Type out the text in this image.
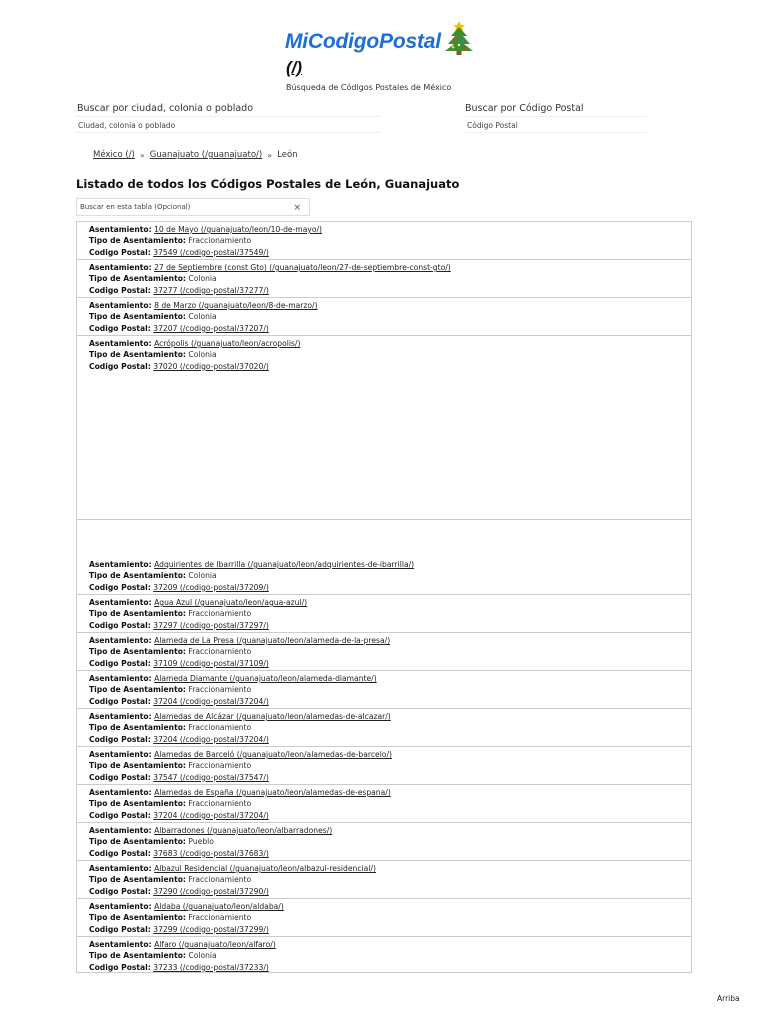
MiCodigoPostal
(/)
Búsqueda de Códigos Postales de México
Buscar por ciudad, colonia o poblado
Ciudad, colonia o poblado
Buscar por Código Postal
Código Postal
México (/) » Guanajuato (/guanajuato/) » León
Listado de todos los Códigos Postales de León, Guanajuato
Buscar en esta tabla (Opcional)	×
Asentamiento: 10 de Mayo (/guanajuato/leon/10-de-mayo/)
Tipo de Asentamiento: Fraccionamiento
Codigo Postal: 37549 (/codigo-postal/37549/)
Asentamiento: 27 de Septiembre (const Gto) (/guanajuato/leon/27-de-septiembre-const-gto/)
Tipo de Asentamiento: Colonia
Codigo Postal: 37277 (/codigo-postal/37277/)
Asentamiento: 8 de Marzo (/guanajuato/leon/8-de-marzo/)
Tipo de Asentamiento: Colonia
Codigo Postal: 37207 (/codigo-postal/37207/)
Asentamiento: Acrópolis (/guanajuato/leon/acropolis/)
Tipo de Asentamiento: Colonia
Codigo Postal: 37020 (/codigo-postal/37020/)
Asentamiento: Adquirientes de Ibarrilla (/guanajuato/leon/adquirientes-de-ibarrilla/)
Tipo de Asentamiento: Colonia
Codigo Postal: 37209 (/codigo-postal/37209/)
Asentamiento: Agua Azul (/guanajuato/leon/agua-azul/)
Tipo de Asentamiento: Fraccionamiento
Codigo Postal: 37297 (/codigo-postal/37297/)
Asentamiento: Alameda de La Presa (/guanajuato/leon/alameda-de-la-presa/)
Tipo de Asentamiento: Fraccionamiento
Codigo Postal: 37109 (/codigo-postal/37109/)
Asentamiento: Alameda Diamante (/guanajuato/leon/alameda-diamante/)
Tipo de Asentamiento: Fraccionamiento
Codigo Postal: 37204 (/codigo-postal/37204/)
Asentamiento: Alamedas de Alcázar (/guanajuato/leon/alamedas-de-alcazar/)
Tipo de Asentamiento: Fraccionamiento
Codigo Postal: 37204 (/codigo-postal/37204/)
Asentamiento: Alamedas de Barceló (/guanajuato/leon/alamedas-de-barcelo/)
Tipo de Asentamiento: Fraccionamiento
Codigo Postal: 37547 (/codigo-postal/37547/)
Asentamiento: Alamedas de España (/guanajuato/leon/alamedas-de-espana/)
Tipo de Asentamiento: Fraccionamiento
Codigo Postal: 37204 (/codigo-postal/37204/)
Asentamiento: Albarradones (/guanajuato/leon/albarradones/)
Tipo de Asentamiento: Pueblo
Codigo Postal: 37683 (/codigo-postal/37683/)
Asentamiento: Albazul Residencial (/guanajuato/leon/albazul-residencial/)
Tipo de Asentamiento: Fraccionamiento
Codigo Postal: 37290 (/codigo-postal/37290/)
Asentamiento: Aldaba (/guanajuato/leon/aldaba/)
Tipo de Asentamiento: Fraccionamiento
Codigo Postal: 37299 (/codigo-postal/37299/)
Asentamiento: Alfaro (/guanajuato/leon/alfaro/)
Tipo de Asentamiento: Colonia
Codigo Postal: 37233 (/codigo-postal/37233/)
Arriba
